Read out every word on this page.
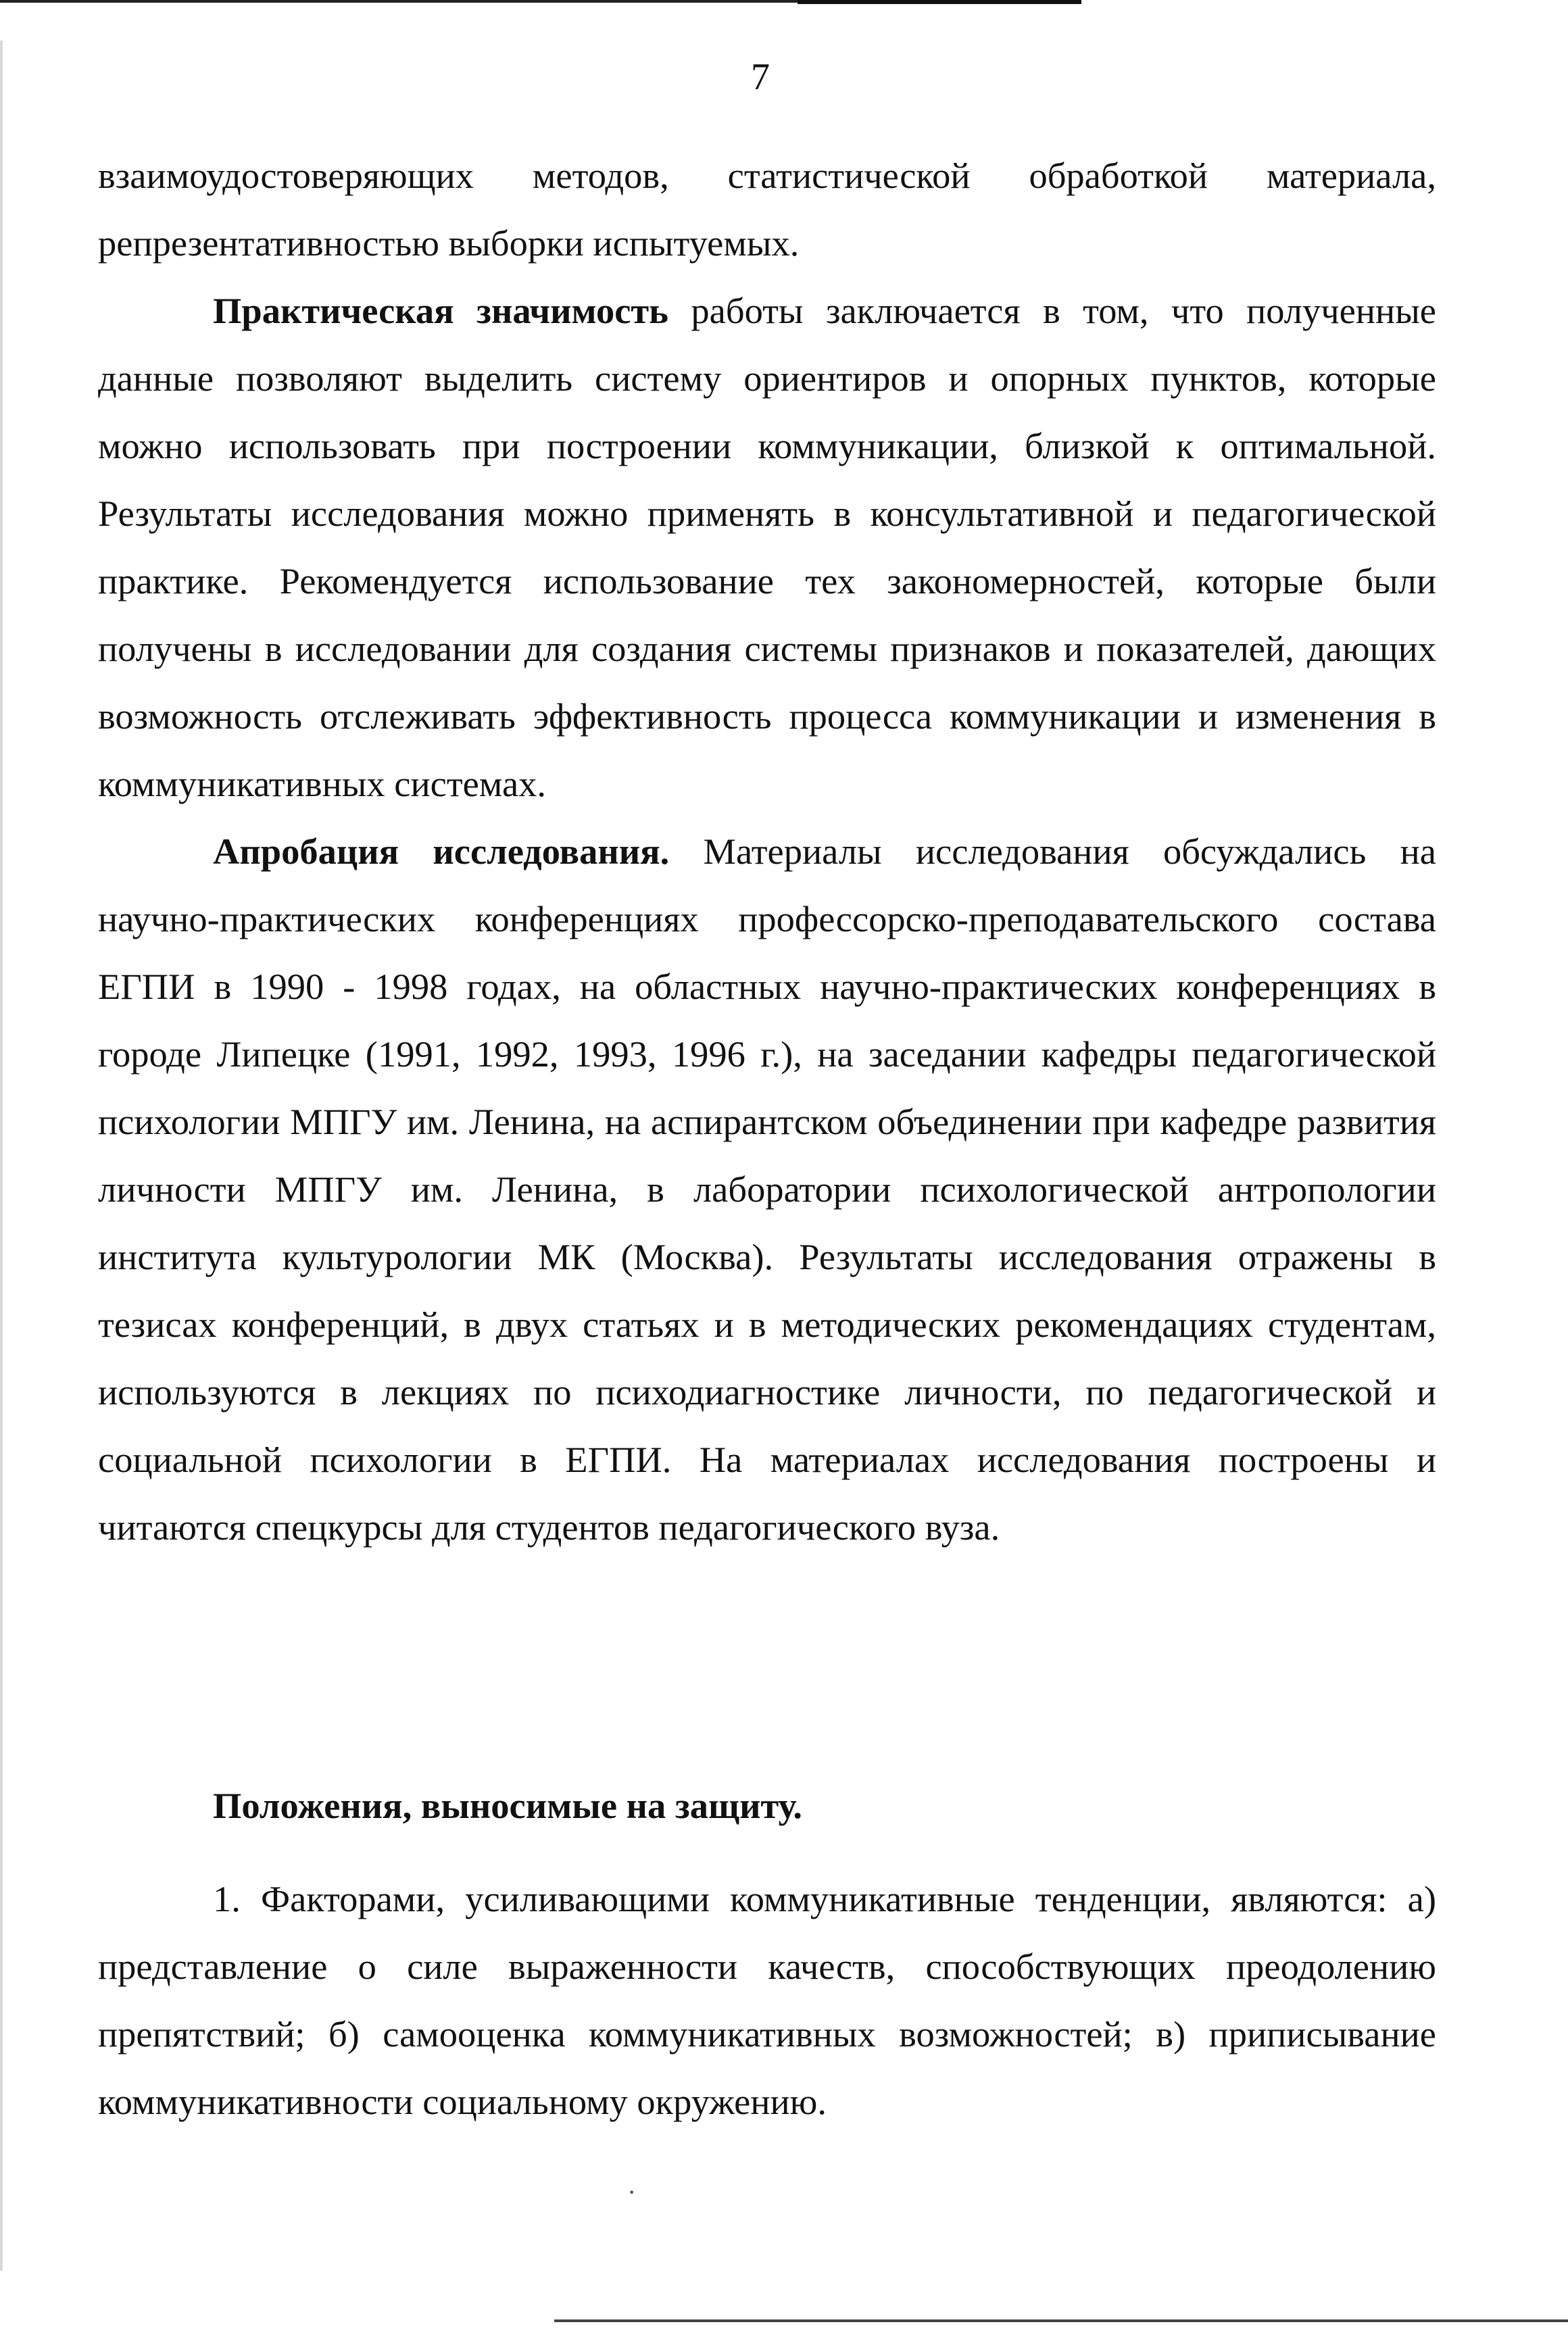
7

взаимоудостоверяющих методов, статистической обработкой материала, репрезентативностью выборки испытуемых.

Практическая значимость работы заключается в том, что полученные данные позволяют выделить систему ориентиров и опорных пунктов, которые можно использовать при построении коммуникации, близкой к оптимальной. Результаты исследования можно применять в консультативной и педагогической практике. Рекомендуется использование тех закономерностей, которые были получены в исследовании для создания системы признаков и показателей, дающих возможность отслеживать эффективность процесса коммуникации и изменения в коммуникативных системах.

Апробация исследования. Материалы исследования обсуждались на научно-практических конференциях профессорско-преподавательского состава ЕГПИ в 1990 - 1998 годах, на областных научно-практических конференциях в городе Липецке (1991, 1992, 1993, 1996 г.), на заседании кафедры педагогической психологии МПГУ им. Ленина, на аспирантском объединении при кафедре развития личности МПГУ им. Ленина, в лаборатории психологической антропологии института культурологии МК (Москва). Результаты исследования отражены в тезисах конференций, в двух статьях и в методических рекомендациях студентам, используются в лекциях по психодиагностике личности, по педагогической и социальной психологии в ЕГПИ. На материалах исследования построены и читаются спецкурсы для студентов педагогического вуза.

Положения, выносимые на защиту.

1. Факторами, усиливающими коммуникативные тенденции, являются: а) представление о силе выраженности качеств, способствующих преодолению препятствий; б) самооценка коммуникативных возможностей; в) приписывание коммуникативности социальному окружению.

·
